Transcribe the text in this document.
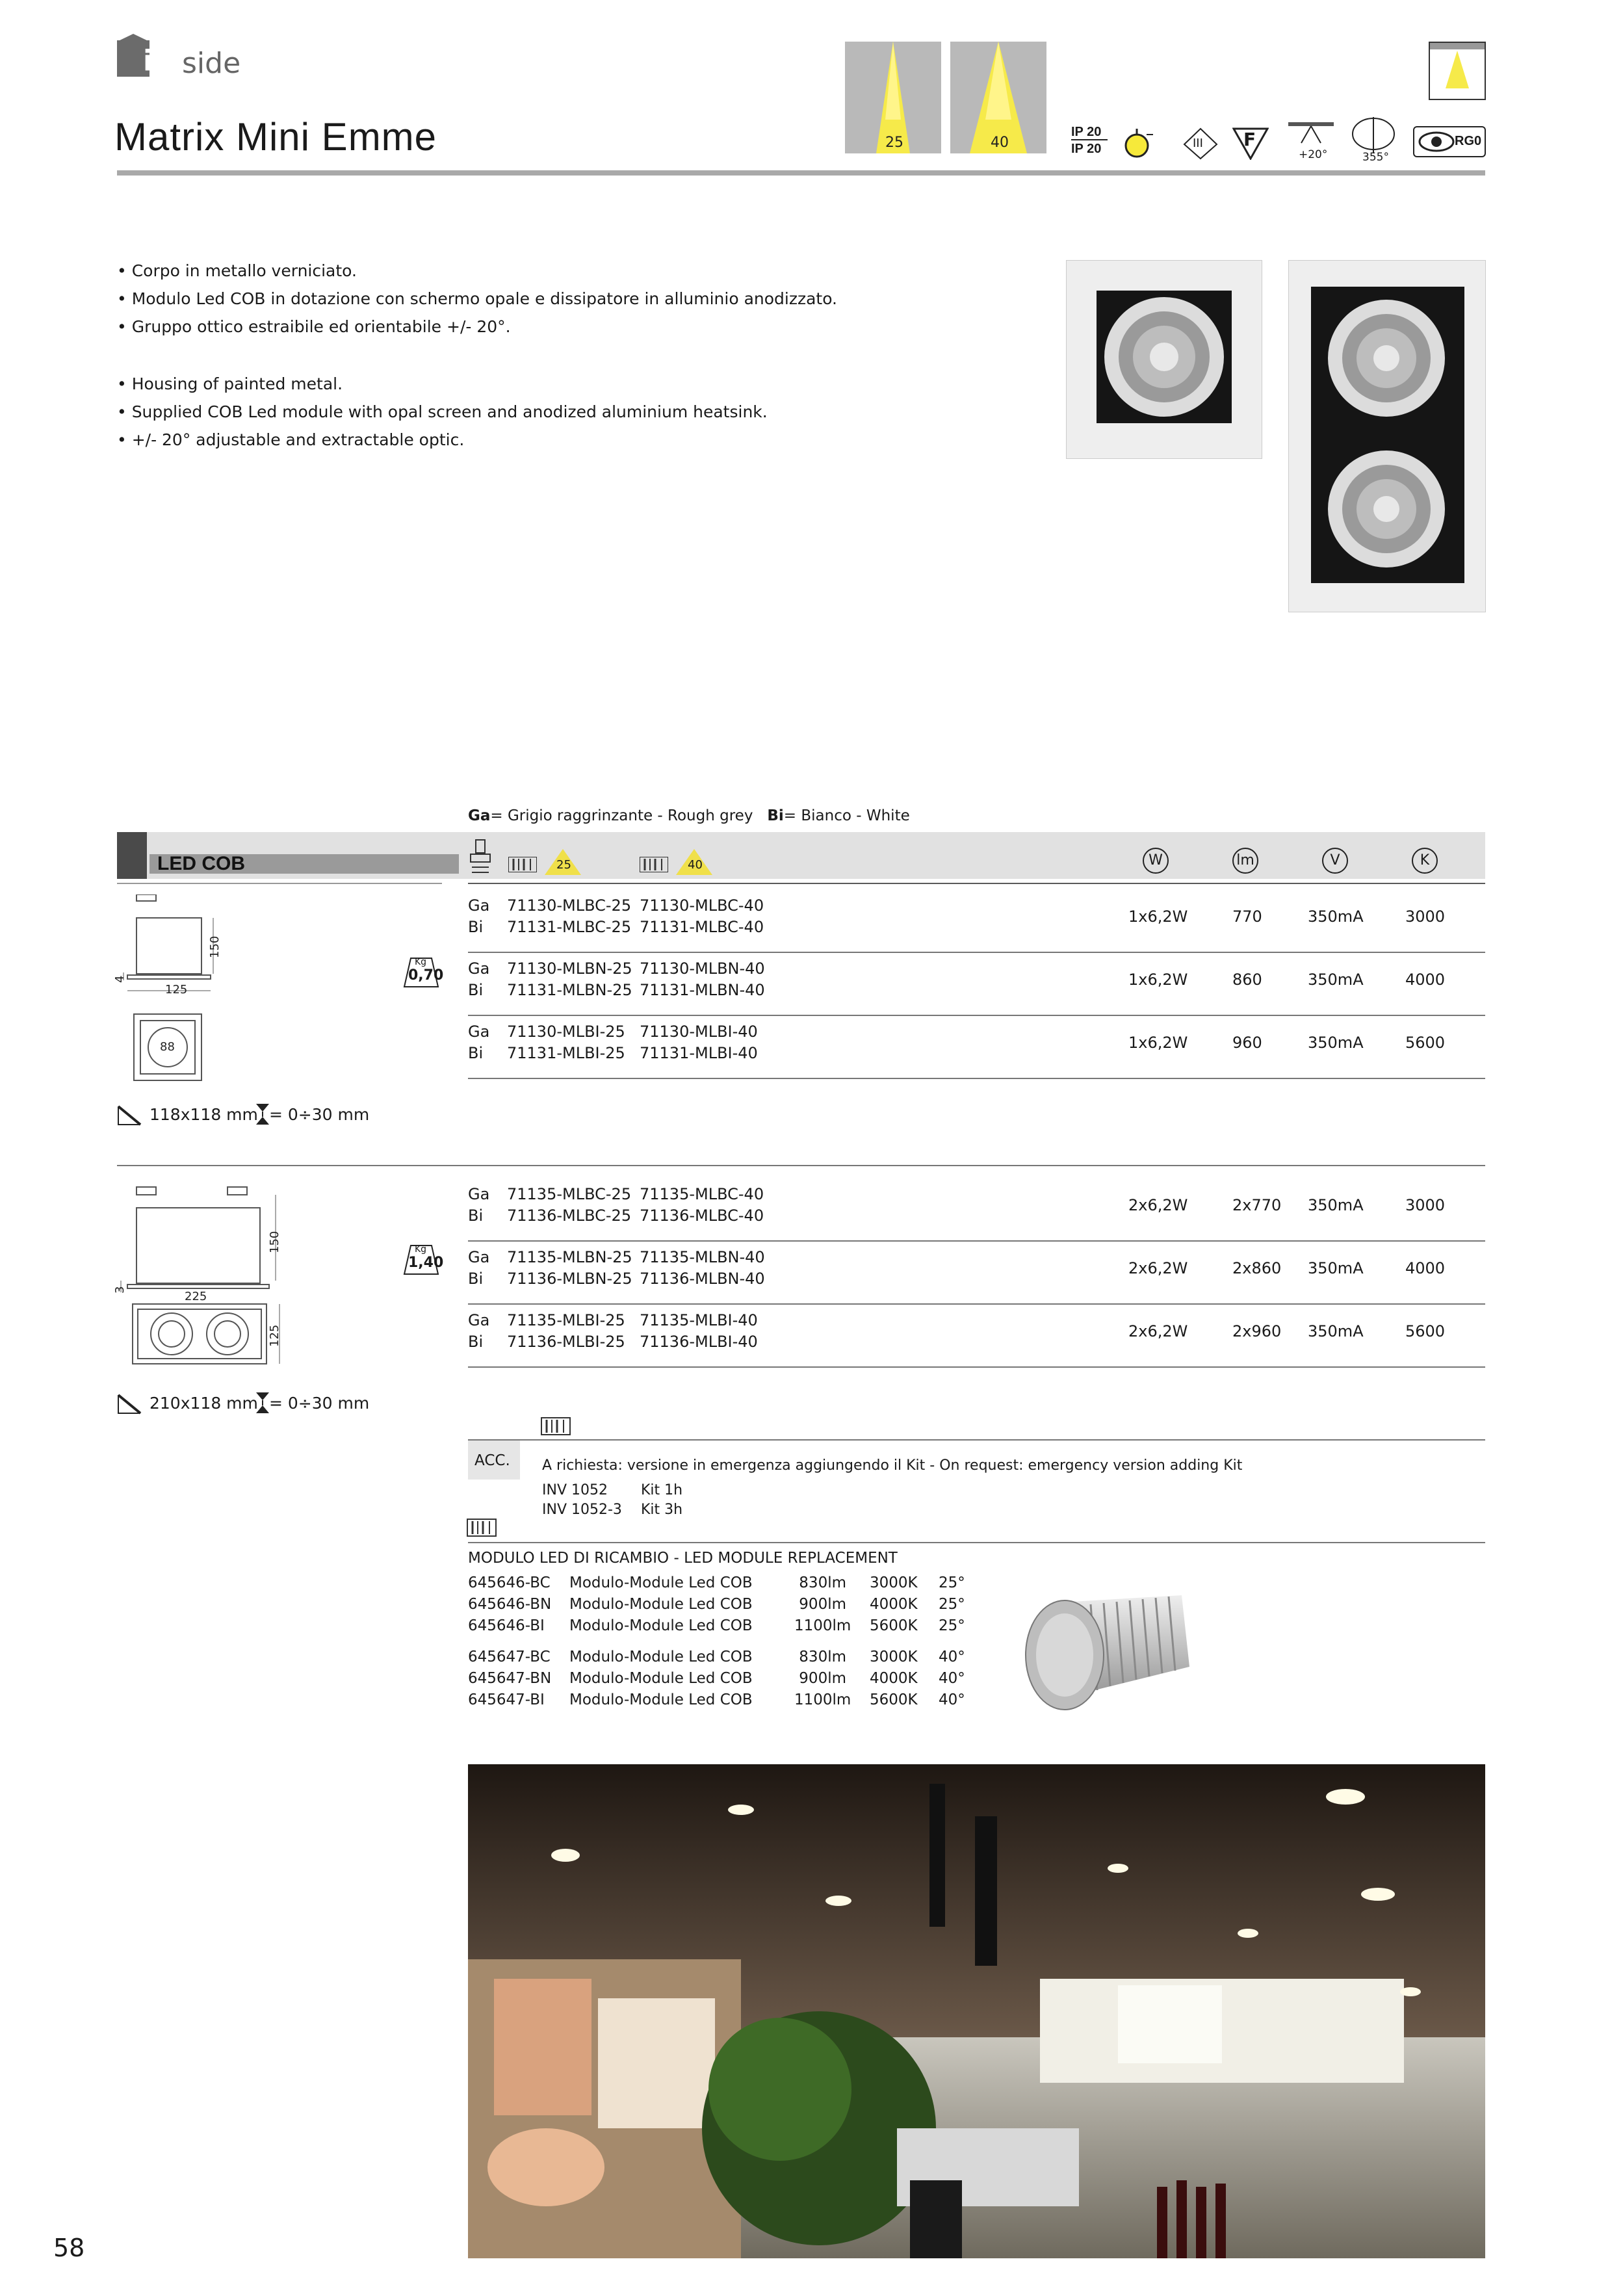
in side
Matrix Mini Emme	25	40
IP 20
IP 20	III F
+20°	355°
RG0
• Corpo in metallo verniciato.
• Modulo Led COB in dotazione con schermo opale e dissipatore in alluminio anodizzato.
• Gruppo ottico estraibile ed orientabile +/- 20°.
• Housing of painted metal.
• Supplied COB Led module with opal screen and anodized aluminium heatsink.
• +/- 20° adjustable and extractable optic.
Ga= Grigio raggrinzante - Rough grey Bi= Bianco - White
LED COB	25	40	W	lm	V	K
150
125
4
88
Kg
0,70
118x118 mm = 0÷30 mm
Ga 71130-MLBC-25 71130-MLBC-40
Bi 71131-MLBC-25 71131-MLBC-40
1x6,2W	770	350mA	3000
Ga 71130-MLBN-25 71130-MLBN-40
Bi 71131-MLBN-25 71131-MLBN-40
1x6,2W	860	350mA	4000
Ga 71130-MLBI-25 71130-MLBI-40
Bi 71131-MLBI-25 71131-MLBI-40
1x6,2W	960	350mA	5600
150
225
3
125
Kg
1,40
210x118 mm = 0÷30 mm
Ga 71135-MLBC-25 71135-MLBC-40
Bi 71136-MLBC-25 71136-MLBC-40
2x6,2W	2x770 350mA	3000
Ga 71135-MLBN-25 71135-MLBN-40
Bi 71136-MLBN-25 71136-MLBN-40
2x6,2W	2x860 350mA	4000
Ga 71135-MLBI-25 71135-MLBI-40
Bi 71136-MLBI-25 71136-MLBI-40
2x6,2W	2x960 350mA	5600
ACC. A richiesta: versione in emergenza aggiungendo il Kit - On request: emergency version adding Kit
INV 1052 Kit 1h
INV 1052-3 Kit 3h
MODULO LED DI RICAMBIO - LED MODULE REPLACEMENT
645646-BC Modulo-Module Led COB	830lm 3000K 25°
645646-BN Modulo-Module Led COB	900lm 4000K 25°
645646-BI Modulo-Module Led COB	1100lm 5600K 25°
645647-BC Modulo-Module Led COB	830lm 3000K 40°
645647-BN Modulo-Module Led COB	900lm 4000K 40°
645647-BI Modulo-Module Led COB	1100lm 5600K 40°
58
